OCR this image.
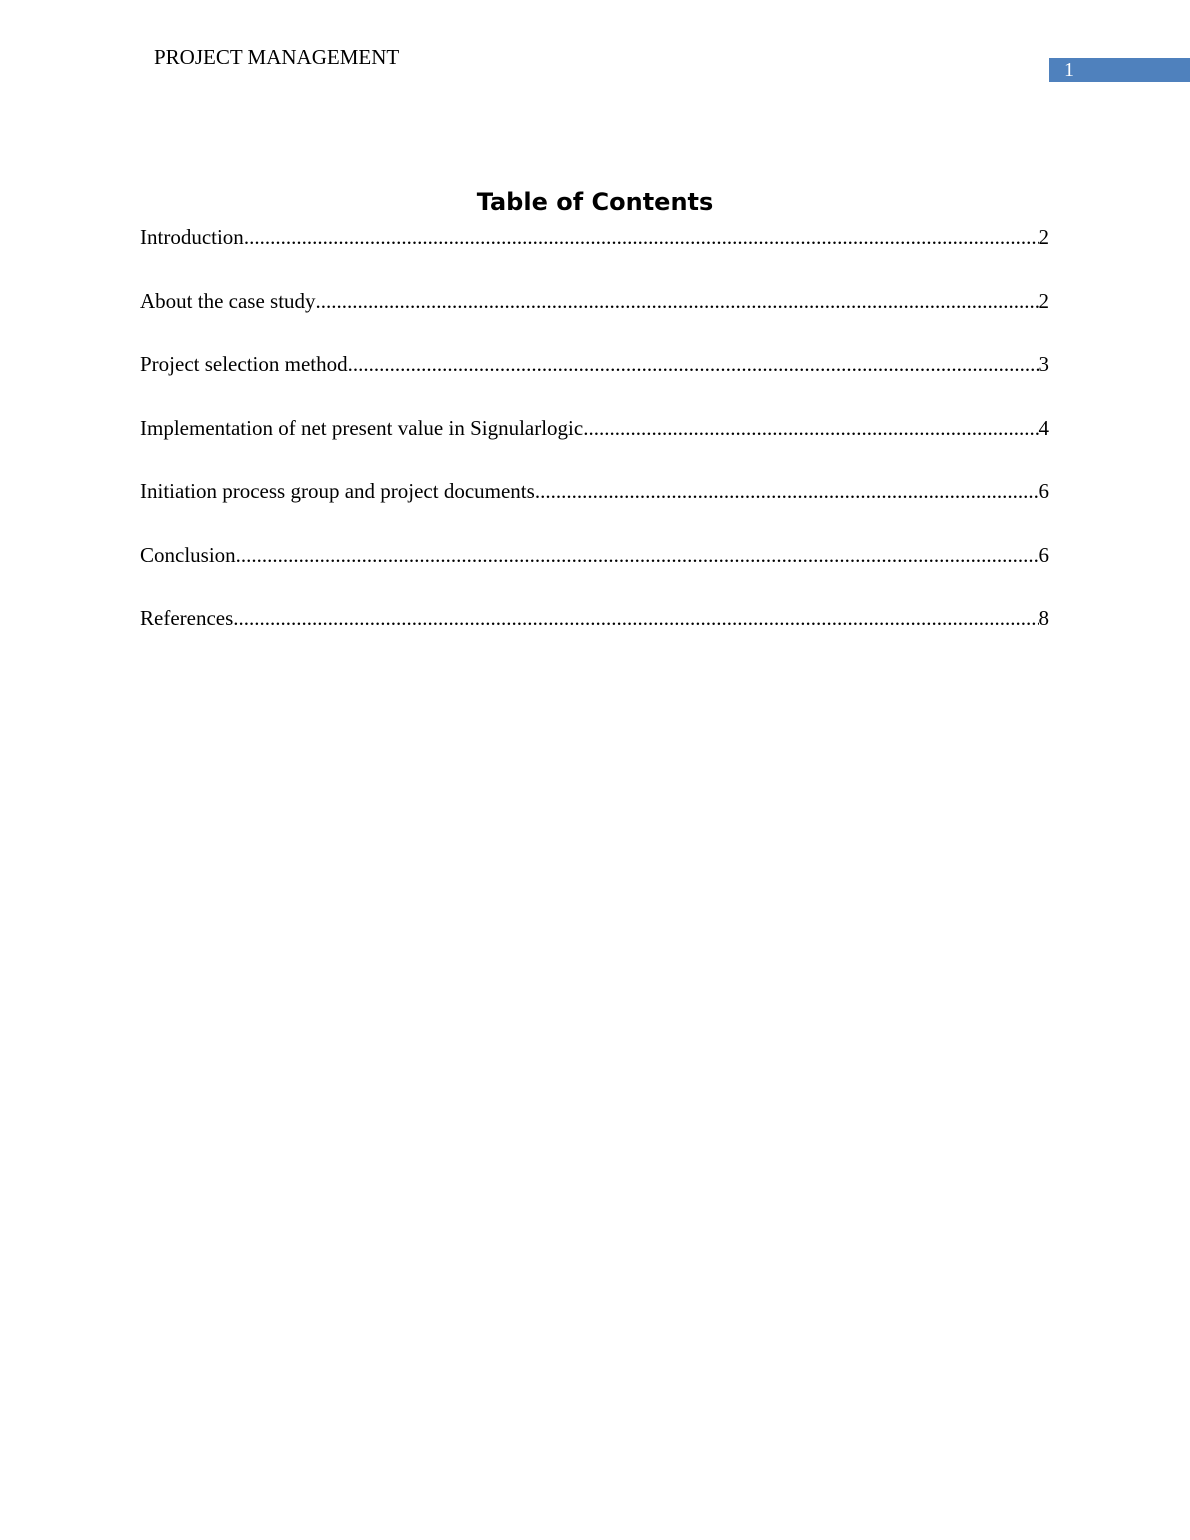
PROJECT MANAGEMENT
1
Table of Contents
Introduction .....	2
About the case study .....	2
Project selection method .....	3
Implementation of net present value in Signularlogic .....	4
Initiation process group and project documents .....	6
Conclusion .....	6
References .....	8
